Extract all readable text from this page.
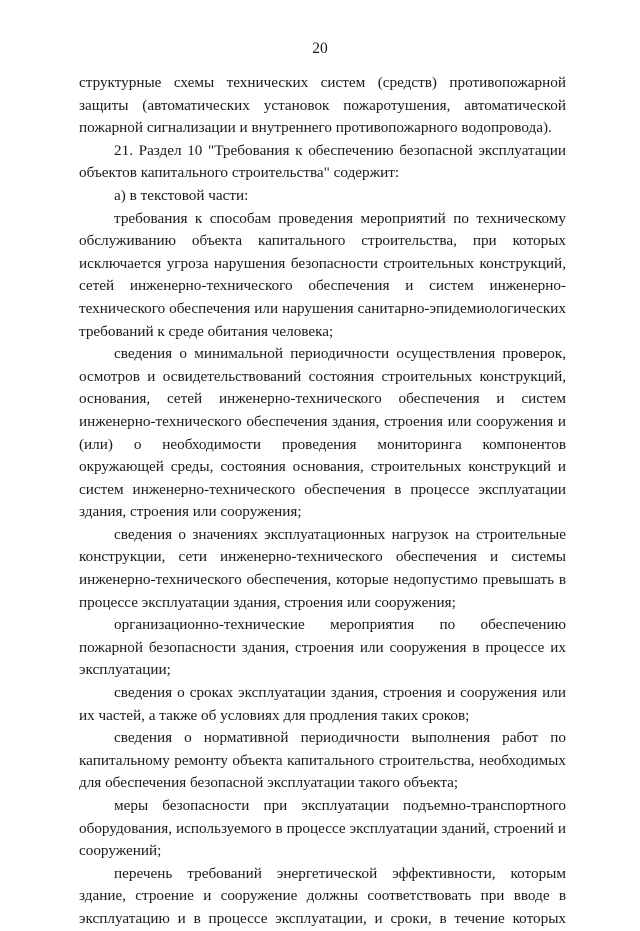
20

структурные схемы технических систем (средств) противопожарной защиты (автоматических установок пожаротушения, автоматической пожарной сигнализации и внутреннего противопожарного водопровода).

21. Раздел 10 "Требования к обеспечению безопасной эксплуатации объектов капитального строительства" содержит:

а) в текстовой части:

требования к способам проведения мероприятий по техническому обслуживанию объекта капитального строительства, при которых исключается угроза нарушения безопасности строительных конструкций, сетей инженерно-технического обеспечения и систем инженерно-технического обеспечения или нарушения санитарно-эпидемиологических требований к среде обитания человека;

сведения о минимальной периодичности осуществления проверок, осмотров и освидетельствований состояния строительных конструкций, основания, сетей инженерно-технического обеспечения и систем инженерно-технического обеспечения здания, строения или сооружения и (или) о необходимости проведения мониторинга компонентов окружающей среды, состояния основания, строительных конструкций и систем инженерно-технического обеспечения в процессе эксплуатации здания, строения или сооружения;

сведения о значениях эксплуатационных нагрузок на строительные конструкции, сети инженерно-технического обеспечения и системы инженерно-технического обеспечения, которые недопустимо превышать в процессе эксплуатации здания, строения или сооружения;

организационно-технические мероприятия по обеспечению пожарной безопасности здания, строения или сооружения в процессе их эксплуатации;

сведения о сроках эксплуатации здания, строения и сооружения или их частей, а также об условиях для продления таких сроков;

сведения о нормативной периодичности выполнения работ по капитальному ремонту объекта капитального строительства, необходимых для обеспечения безопасной эксплуатации такого объекта;

меры безопасности при эксплуатации подъемно-транспортного оборудования, используемого в процессе эксплуатации зданий, строений и сооружений;

перечень требований энергетической эффективности, которым здание, строение и сооружение должны соответствовать при вводе в эксплуатацию и в процессе эксплуатации, и сроки, в течение которых
